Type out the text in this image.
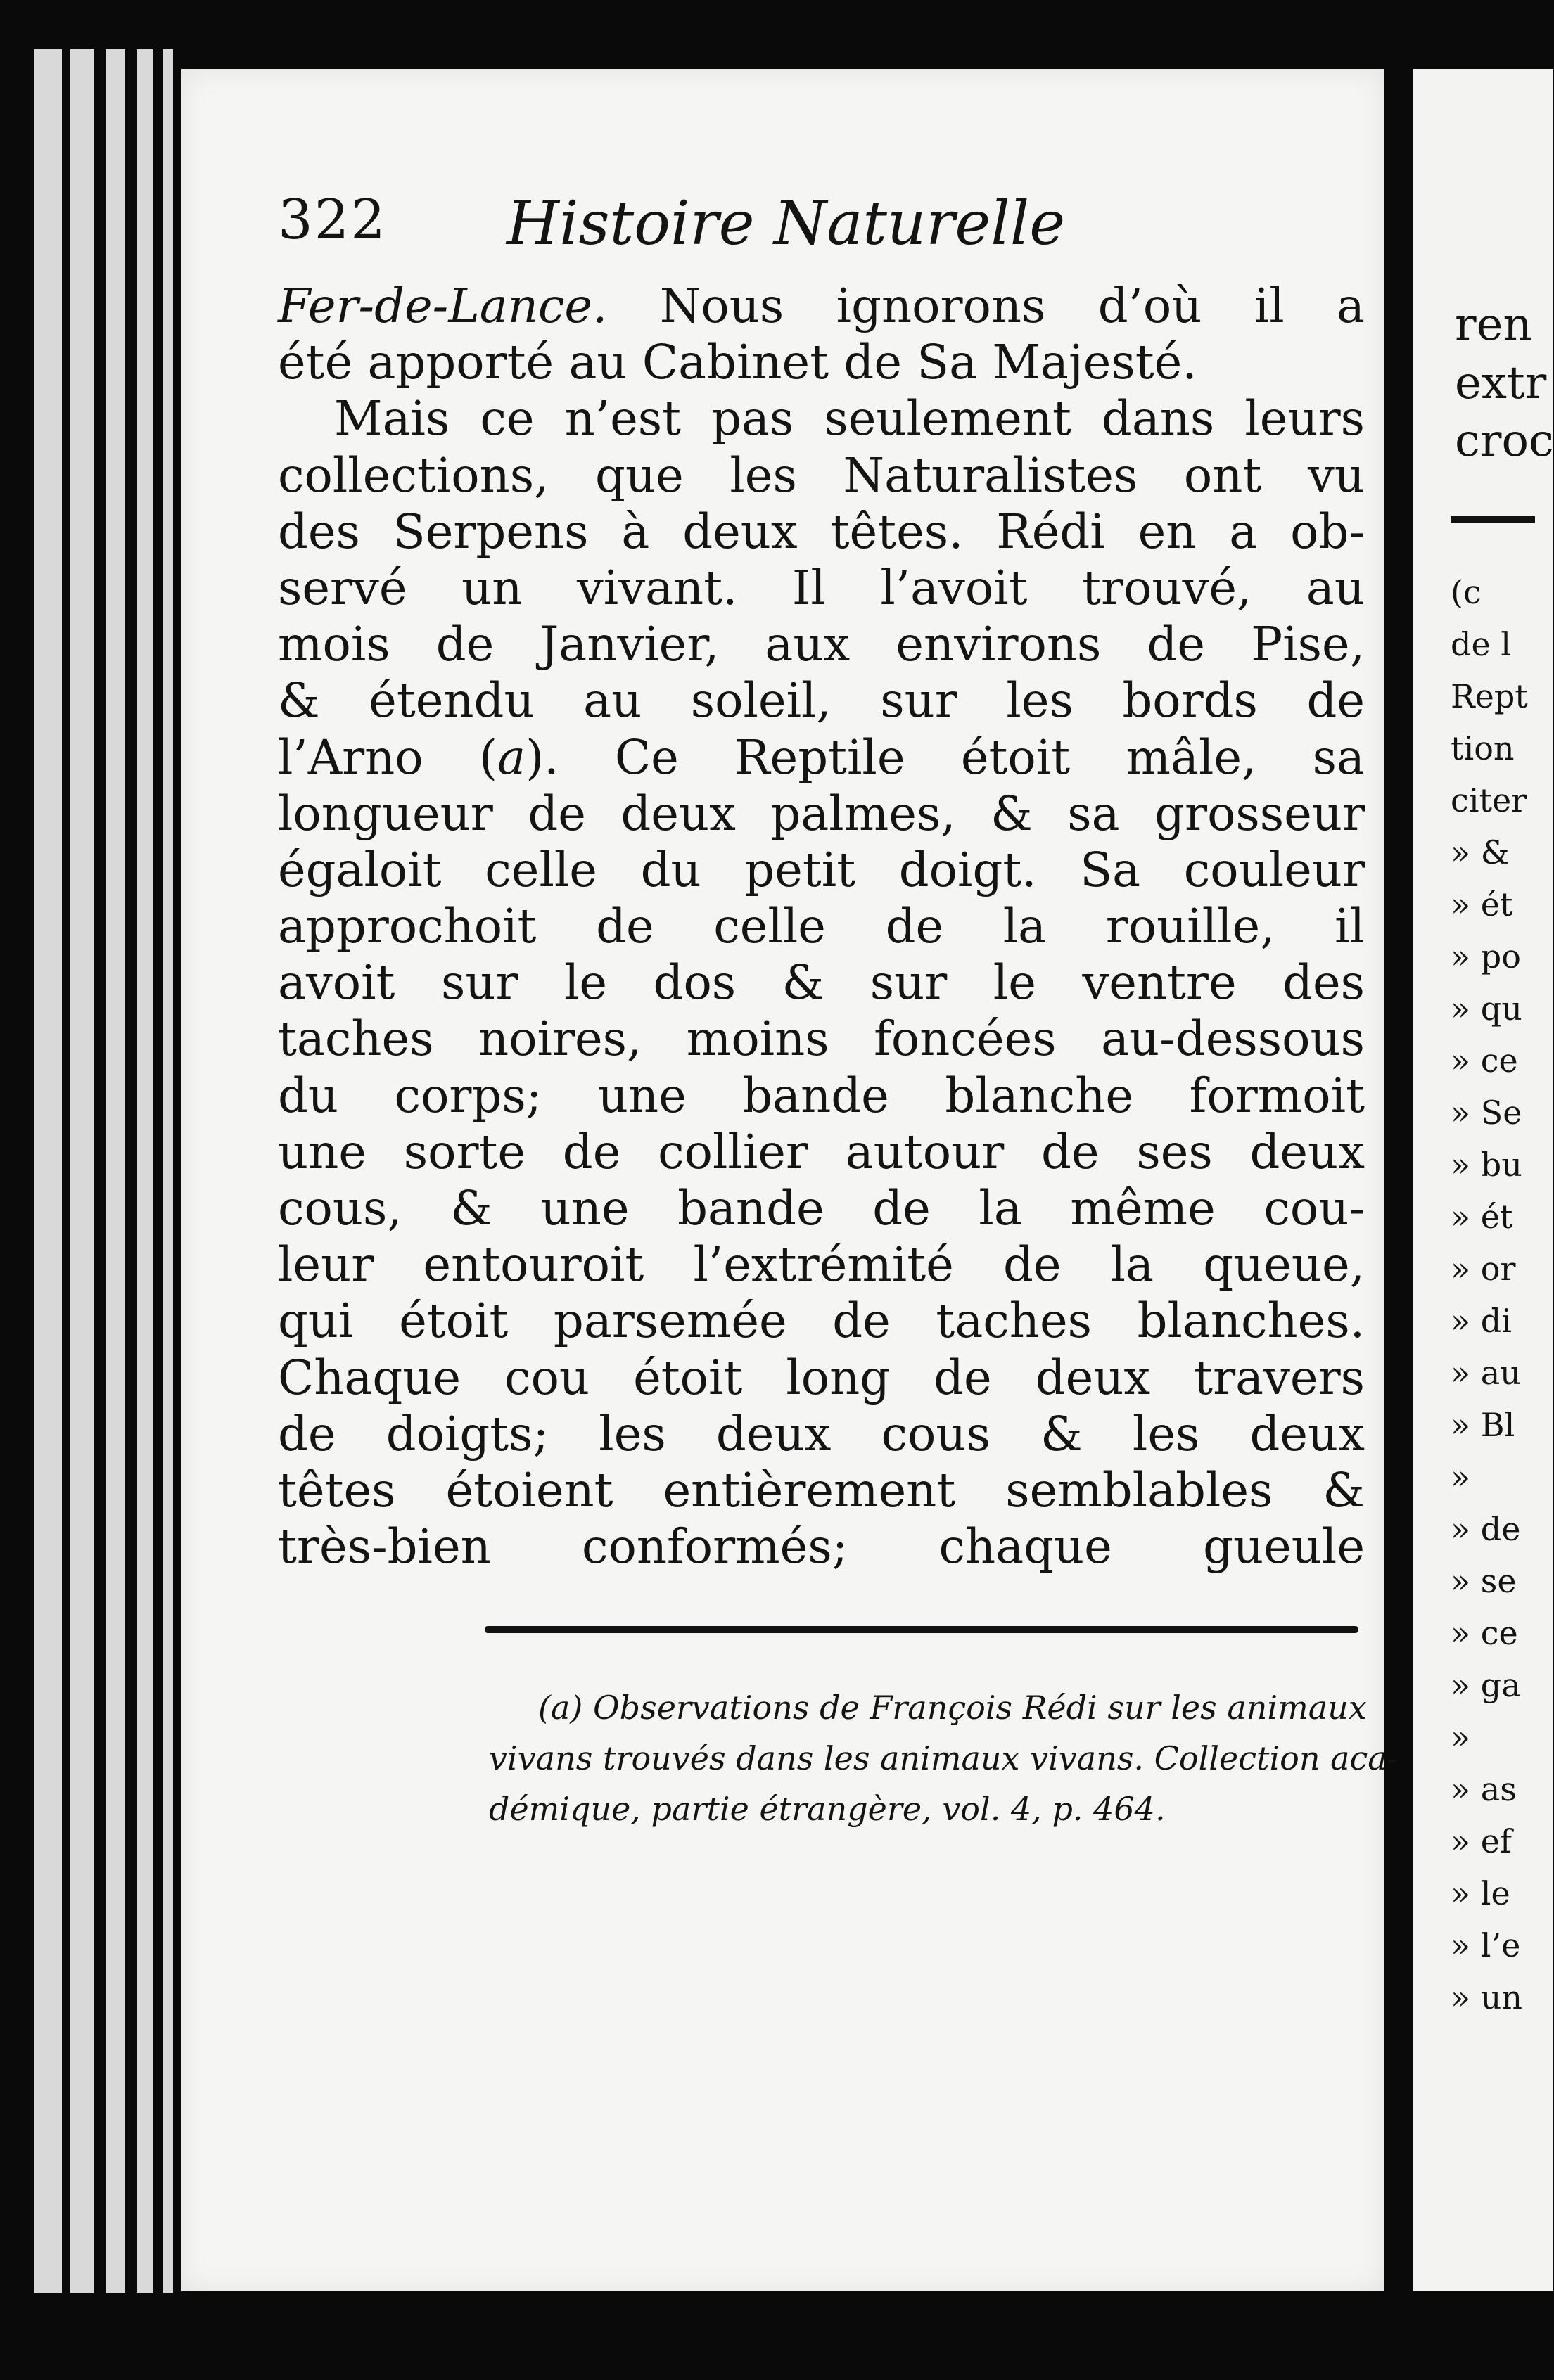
322 Histoire Naturelle
Fer-de-Lance. Nous ignorons d’où il a
été apporté au Cabinet de Sa Majesté.
Mais ce n’est pas seulement dans leurs
collections, que les Naturalistes ont vu
des Serpens à deux têtes. Rédi en a ob-
servé un vivant. Il l’avoit trouvé, au
mois de Janvier, aux environs de Pise,
& étendu au soleil, sur les bords de
l’Arno (a). Ce Reptile étoit mâle, sa
longueur de deux palmes, & sa grosseur
égaloit celle du petit doigt. Sa couleur
approchoit de celle de la rouille, il
avoit sur le dos & sur le ventre des
taches noires, moins foncées au-dessous
du corps; une bande blanche formoit
une sorte de collier autour de ses deux
cous, & une bande de la même cou-
leur entouroit l’extrémité de la queue,
qui étoit parsemée de taches blanches.
Chaque cou étoit long de deux travers
de doigts; les deux cous & les deux
têtes étoient entièrement semblables &
très-bien conformés; chaque gueule
(a) Observations de François Rédi sur les animaux
vivans trouvés dans les animaux vivans. Collection aca-
démique, partie étrangère, vol. 4, p. 464.
ren
extr
croc
(c
de l
Rept
tion
citer
» &
» ét
» po
» qu
» ce
» Se
» bu
» ét
» or
» di
» au
» Bl
»
» de
» se
» ce
» ga
»
» as
» ef
» le
» l’e
» un
